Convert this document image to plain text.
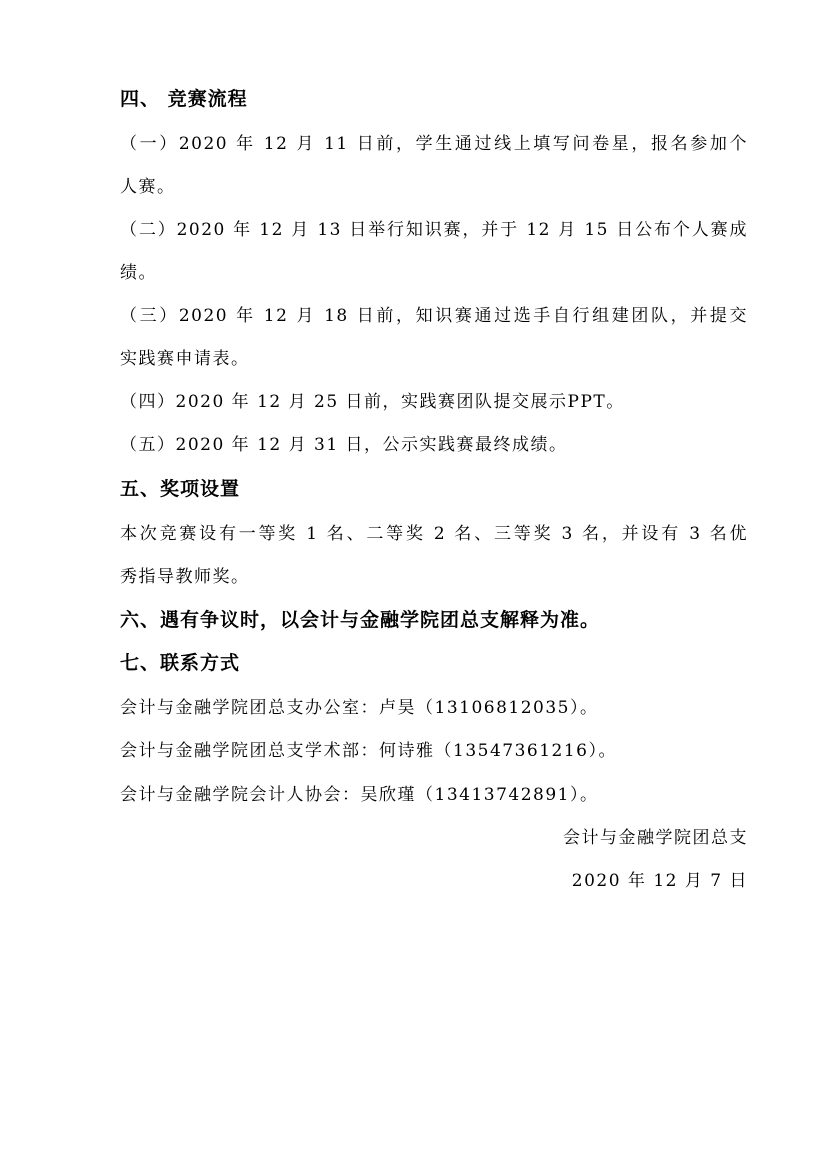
四、 竞赛流程
（一）2020 年 12 月 11 日前，学生通过线上填写问卷星，报名参加个
人赛。
（二）2020 年 12 月 13 日举行知识赛，并于 12 月 15 日公布个人赛成
绩。
（三）2020 年 12 月 18 日前，知识赛通过选手自行组建团队，并提交
实践赛申请表。
（四）2020 年 12 月 25 日前，实践赛团队提交展示PPT。
（五）2020 年 12 月 31 日，公示实践赛最终成绩。
五、奖项设置
本次竞赛设有一等奖 1 名、二等奖 2 名、三等奖 3 名，并设有 3 名优
秀指导教师奖。
六、遇有争议时，以会计与金融学院团总支解释为准。
七、联系方式
会计与金融学院团总支办公室：卢昊（13106812035）。
会计与金融学院团总支学术部：何诗雅（13547361216）。
会计与金融学院会计人协会：吴欣瑾（13413742891）。
会计与金融学院团总支
2020 年 12 月 7 日
